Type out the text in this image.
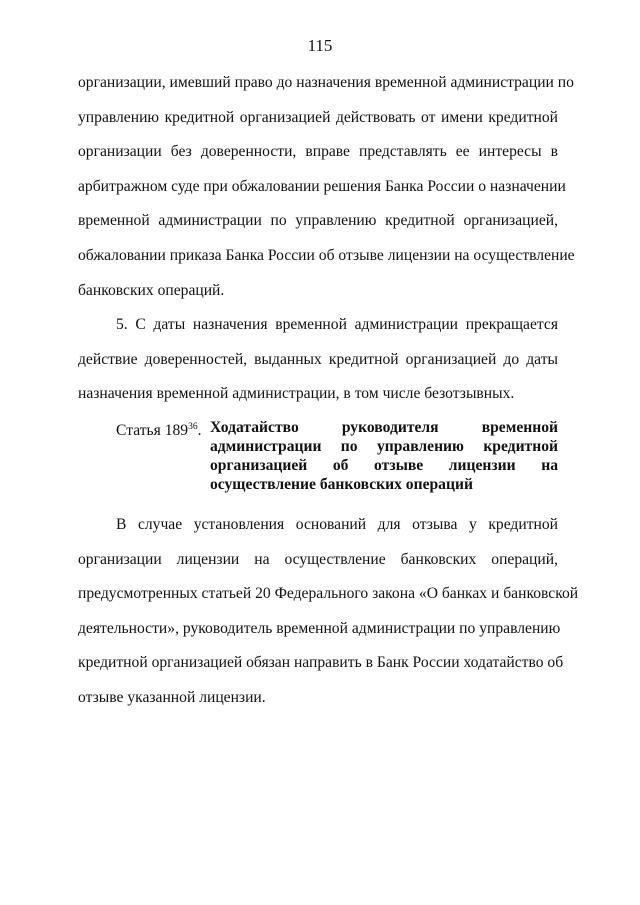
115
организации, имевший право до назначения временной администрации по
управлению кредитной организацией действовать от имени кредитной
организации без доверенности, вправе представлять ее интересы в
арбитражном суде при обжаловании решения Банка России о назначении
временной администрации по управлению кредитной организацией,
обжаловании приказа Банка России об отзыве лицензии на осуществление
банковских операций.
5. С даты назначения временной администрации прекращается
действие доверенностей, выданных кредитной организацией до даты
назначения временной администрации, в том числе безотзывных.
Статья $189^{36}$. Ходатайство руководителя временной
администрации по управлению кредитной
организацией об отзыве лицензии на
осуществление банковских операций
В случае установления оснований для отзыва у кредитной
организации лицензии на осуществление банковских операций,
предусмотренных статьей 20 Федерального закона «О банках и банковской
деятельности», руководитель временной администрации по управлению
кредитной организацией обязан направить в Банк России ходатайство об
отзыве указанной лицензии.
